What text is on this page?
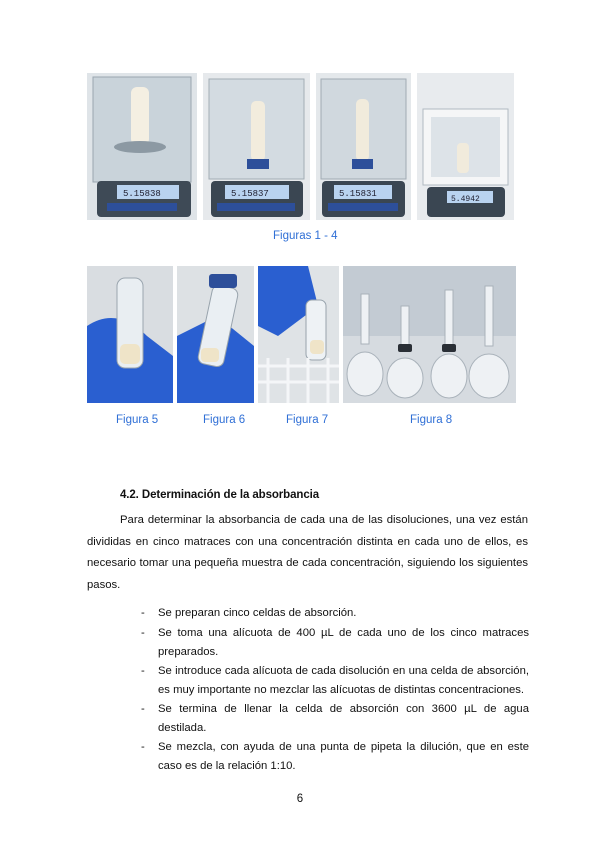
5.15838	5.15837	5.15831
5.4942
Figuras 1 - 4
Figura 5	Figura 6	Figura 7	Figura 8
4.2. Determinación de la absorbancia
Para determinar la absorbancia de cada una de las disoluciones, una vez están divididas en cinco matraces con una concentración distinta en cada uno de ellos, es necesario tomar una pequeña muestra de cada concentración, siguiendo los siguientes pasos.
- Se preparan cinco celdas de absorción.
- Se toma una alícuota de 400 µL de cada uno de los cinco matraces preparados.
- Se introduce cada alícuota de cada disolución en una celda de absorción, es muy importante no mezclar las alícuotas de distintas concentraciones.
- Se termina de llenar la celda de absorción con 3600 µL de agua destilada.
- Se mezcla, con ayuda de una punta de pipeta la dilución, que en este caso es de la relación 1:10.
6
